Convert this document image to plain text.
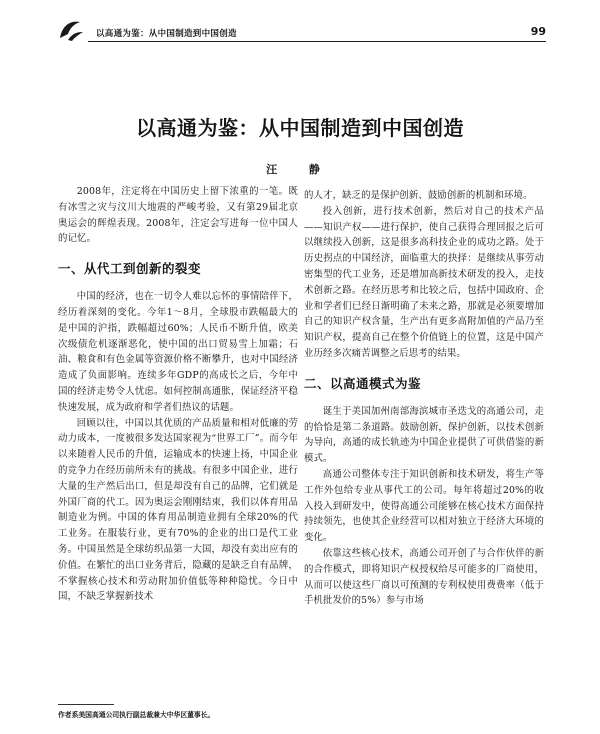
以高通为鉴：从中国制造到中国创造	99
以高通为鉴：从中国制造到中国创造
汪 静

2008年，注定将在中国历史上留下浓重的一笔。既有冰雪之灾与汶川大地震的严峻考验，又有第29届北京奥运会的辉煌表现。2008年，注定会写进每一位中国人的记忆。

一、从代工到创新的裂变

中国的经济，也在一切令人难以忘怀的事情陪伴下，经历着深刻的变化。今年1～8月，全球股市跌幅最大的是中国的沪指，跌幅超过60%；人民币不断升值，欧美次级债危机逐渐恶化，使中国的出口贸易雪上加霜；石油、粮食和有色金属等资源价格不断攀升，也对中国经济造成了负面影响。连续多年GDP的高成长之后，今年中国的经济走势令人忧虑。如何控制高通胀，保证经济平稳快速发展，成为政府和学者们热议的话题。

回顾以往，中国以其优质的产品质量和相对低廉的劳动力成本，一度被很多发达国家视为“世界工厂”。而今年以来随着人民币的升值，运输成本的快速上扬，中国企业的竞争力在经历前所未有的挑战。有很多中国企业，进行大量的生产然后出口，但是却没有自己的品牌，它们就是外国厂商的代工。因为奥运会刚刚结束，我们以体育用品制造业为例。中国的体育用品制造业拥有全球20%的代工业务。在服装行业，更有70%的企业的出口是代工业务。中国虽然是全球纺织品第一大国，却没有卖出应有的价值。在繁忙的出口业务背后，隐藏的是缺乏自有品牌，不掌握核心技术和劳动附加价值低等种种隐忧。今日中国，不缺乏掌握新技术

的人才，缺乏的是保护创新、鼓励创新的机制和环境。

投入创新，进行技术创新，然后对自己的技术产品——知识产权——进行保护，使自己获得合理回报之后可以继续投入创新，这是很多高科技企业的成功之路。处于历史拐点的中国经济，面临重大的抉择：是继续从事劳动密集型的代工业务，还是增加高新技术研发的投入，走技术创新之路。在经历思考和比较之后，包括中国政府、企业和学者们已经日渐明确了未来之路，那就是必须要增加自己的知识产权含量，生产出有更多高附加值的产品乃至知识产权，提高自己在整个价值链上的位置，这是中国产业历经多次痛苦调整之后思考的结果。

二、以高通模式为鉴

诞生于美国加州南部海滨城市圣迭戈的高通公司，走的恰恰是第二条道路。鼓励创新，保护创新，以技术创新为导向，高通的成长轨迹为中国企业提供了可供借鉴的新模式。

高通公司整体专注于知识创新和技术研发，将生产等工作外包给专业从事代工的公司。每年将超过20%的收入投入到研发中，使得高通公司能够在核心技术方面保持持续领先，也使其企业经营可以相对独立于经济大环境的变化。

依靠这些核心技术，高通公司开创了与合作伙伴的新的合作模式，即将知识产权授权给尽可能多的厂商使用，从而可以使这些厂商以可预测的专利权使用费费率（低于手机批发价的5%）参与市场

作者系美国高通公司执行副总裁兼大中华区董事长。
